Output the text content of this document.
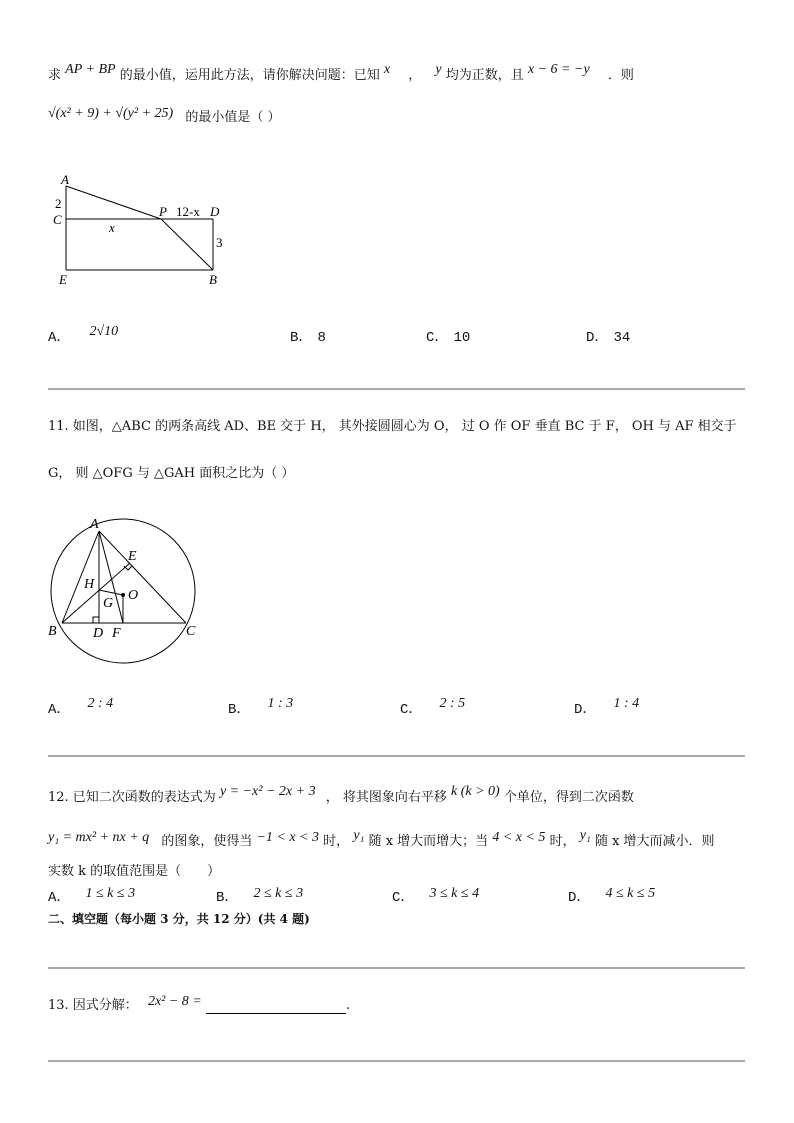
求 AP + BP 的最小值，运用此方法，请你解决问题：已知 x ， y 均为正数，且 x − 6 = −y ．则
√(x² + 9) + √(y² + 25) 的最小值是（ ）
A
2
C
x
P 12-x D
3
E	B
A． 2√10	B． 8	C． 10	D． 34
11. 如图，△ABC 的两条高线 AD、BE 交于 H， 其外接圆圆心为 O， 过 O 作 OF 垂直 BC 于 F， OH 与 AF 相交于
G， 则 △OFG 与 △GAH 面积之比为（ ）
A
E
H
O
G
B	D F	C
A． 2 : 4	B． 1 : 3	C． 2 : 5	D． 1 : 4
12. 已知二次函数的表达式为 y = −x² − 2x + 3 ， 将其图象向右平移 k (k > 0) 个单位，得到二次函数
y₁ = mx² + nx + q 的图象，使得当 −1 < x < 3 时， y₁ 随 x 增大而增大；当 4 < x < 5 时， y₁ 随 x 增大而减小．则
实数 k 的取值范围是（　　）
A． 1 ≤ k ≤ 3	B． 2 ≤ k ≤ 3	C． 3 ≤ k ≤ 4	D． 4 ≤ k ≤ 5
二、填空题（每小题 3 分，共 12 分）(共 4 题)
13. 因式分解： 2x² − 8 =	.
